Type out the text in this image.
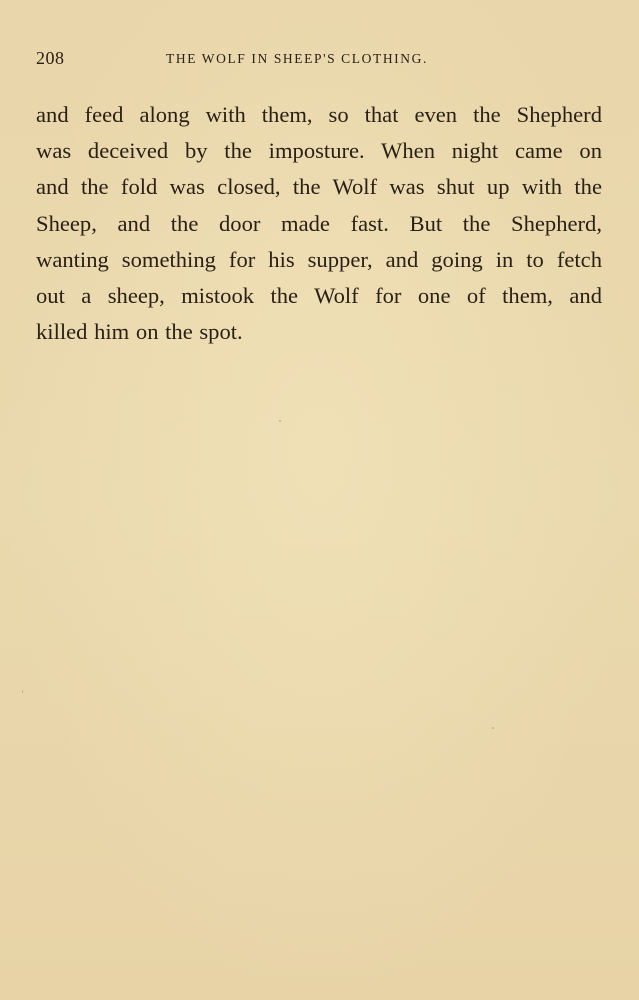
208	THE WOLF IN SHEEP'S CLOTHING.

and feed along with them, so that even the Shepherd
was deceived by the imposture. When night came on
and the fold was closed, the Wolf was shut up with the
Sheep, and the door made fast. But the Shepherd,
wanting something for his supper, and going in to fetch
out a sheep, mistook the Wolf for one of them, and
killed him on the spot.
